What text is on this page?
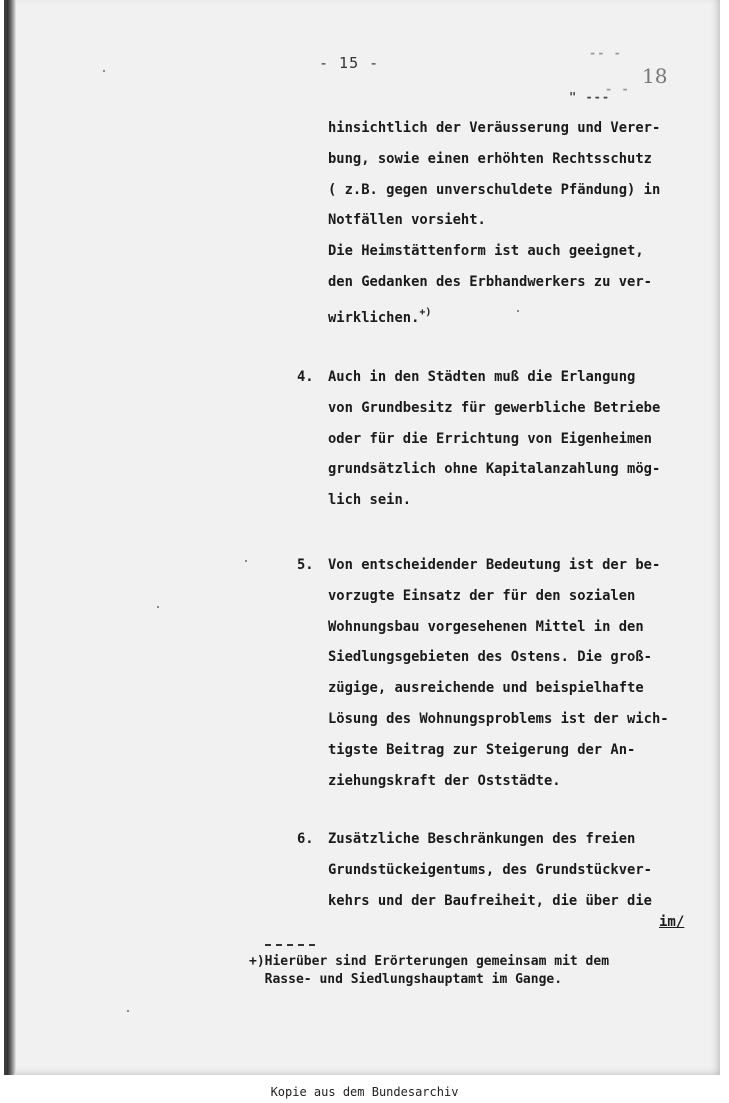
- 15 -
18
-- -
" ---
- -
hinsichtlich der Veräusserung und Verer-
bung, sowie einen erhöhten Rechtsschutz
( z.B. gegen unverschuldete Pfändung) in
Notfällen vorsieht.
Die Heimstättenform ist auch geeignet,
den Gedanken des Erbhandwerkers zu ver-
wirklichen.+)
4. Auch in den Städten muß die Erlangung
von Grundbesitz für gewerbliche Betriebe
oder für die Errichtung von Eigenheimen
grundsätzlich ohne Kapitalanzahlung mög-
lich sein.
5. Von entscheidender Bedeutung ist der be-
vorzugte Einsatz der für den sozialen
Wohnungsbau vorgesehenen Mittel in den
Siedlungsgebieten des Ostens. Die groß-
zügige, ausreichende und beispielhafte
Lösung des Wohnungsproblems ist der wich-
tigste Beitrag zur Steigerung der An-
ziehungskraft der Oststädte.
6. Zusätzliche Beschränkungen des freien
Grundstückeigentums, des Grundstückver-
kehrs und der Baufreiheit, die über die
im/
+)Hierüber sind Erörterungen gemeinsam mit dem
Rasse- und Siedlungshauptamt im Gange.
Kopie aus dem Bundesarchiv
